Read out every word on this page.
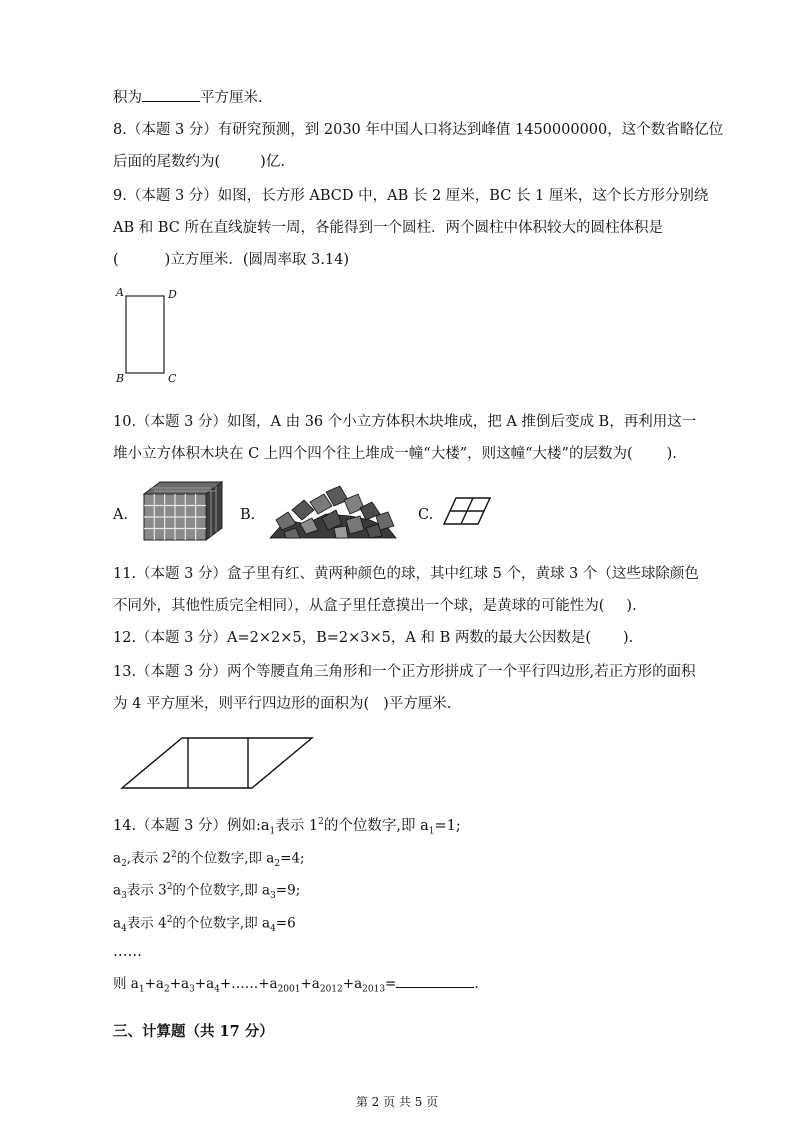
积为	平方厘米.
8.（本题 3 分）有研究预测，到 2030 年中国人口将达到峰值 1450000000，这个数省略亿位
后面的尾数约为(	)亿.
9.（本题 3 分）如图，长方形 ABCD 中，AB 长 2 厘米，BC 长 1 厘米，这个长方形分别绕
AB 和 BC 所在直线旋转一周，各能得到一个圆柱．两个圆柱中体积较大的圆柱体积是
(	)立方厘米．(圆周率取 3.14)
A	D
B	C
10.（本题 3 分）如图，A 由 36 个小立方体积木块堆成，把 A 推倒后变成 B，再利用这一
堆小立方体积木块在 C 上四个四个往上堆成一幢“大楼”，则这幢“大楼”的层数为( ).
A.	B.	C.
11.（本题 3 分）盒子里有红、黄两种颜色的球，其中红球 5 个，黄球 3 个（这些球除颜色
不同外，其他性质完全相同），从盒子里任意摸出一个球，是黄球的可能性为( ).
12.（本题 3 分）A=2×2×5，B=2×3×5，A 和 B 两数的最大公因数是( ).
13.（本题 3 分）两个等腰直角三角形和一个正方形拼成了一个平行四边形,若正方形的面积
为 4 平方厘米，则平行四边形的面积为( )平方厘米.
14.（本题 3 分）例如$:a_1$表示 $1^2$的个位数字,即 $a_1=1$;
$a_2$,表示 $2^2$的个位数字,即 $a_2=4$;
$a_3$表示 $3^2$的个位数字,即 $a_3=9$;
$a_4$表示 $4^2$的个位数字,即 $a_4=6$
……
则 $a_1+a_2+a_3+a_4+\dots\dots+a_{2001}+a_{2012}+a_{2013}=$	.
三、计算题（共 17 分）
第 2 页 共 5 页
